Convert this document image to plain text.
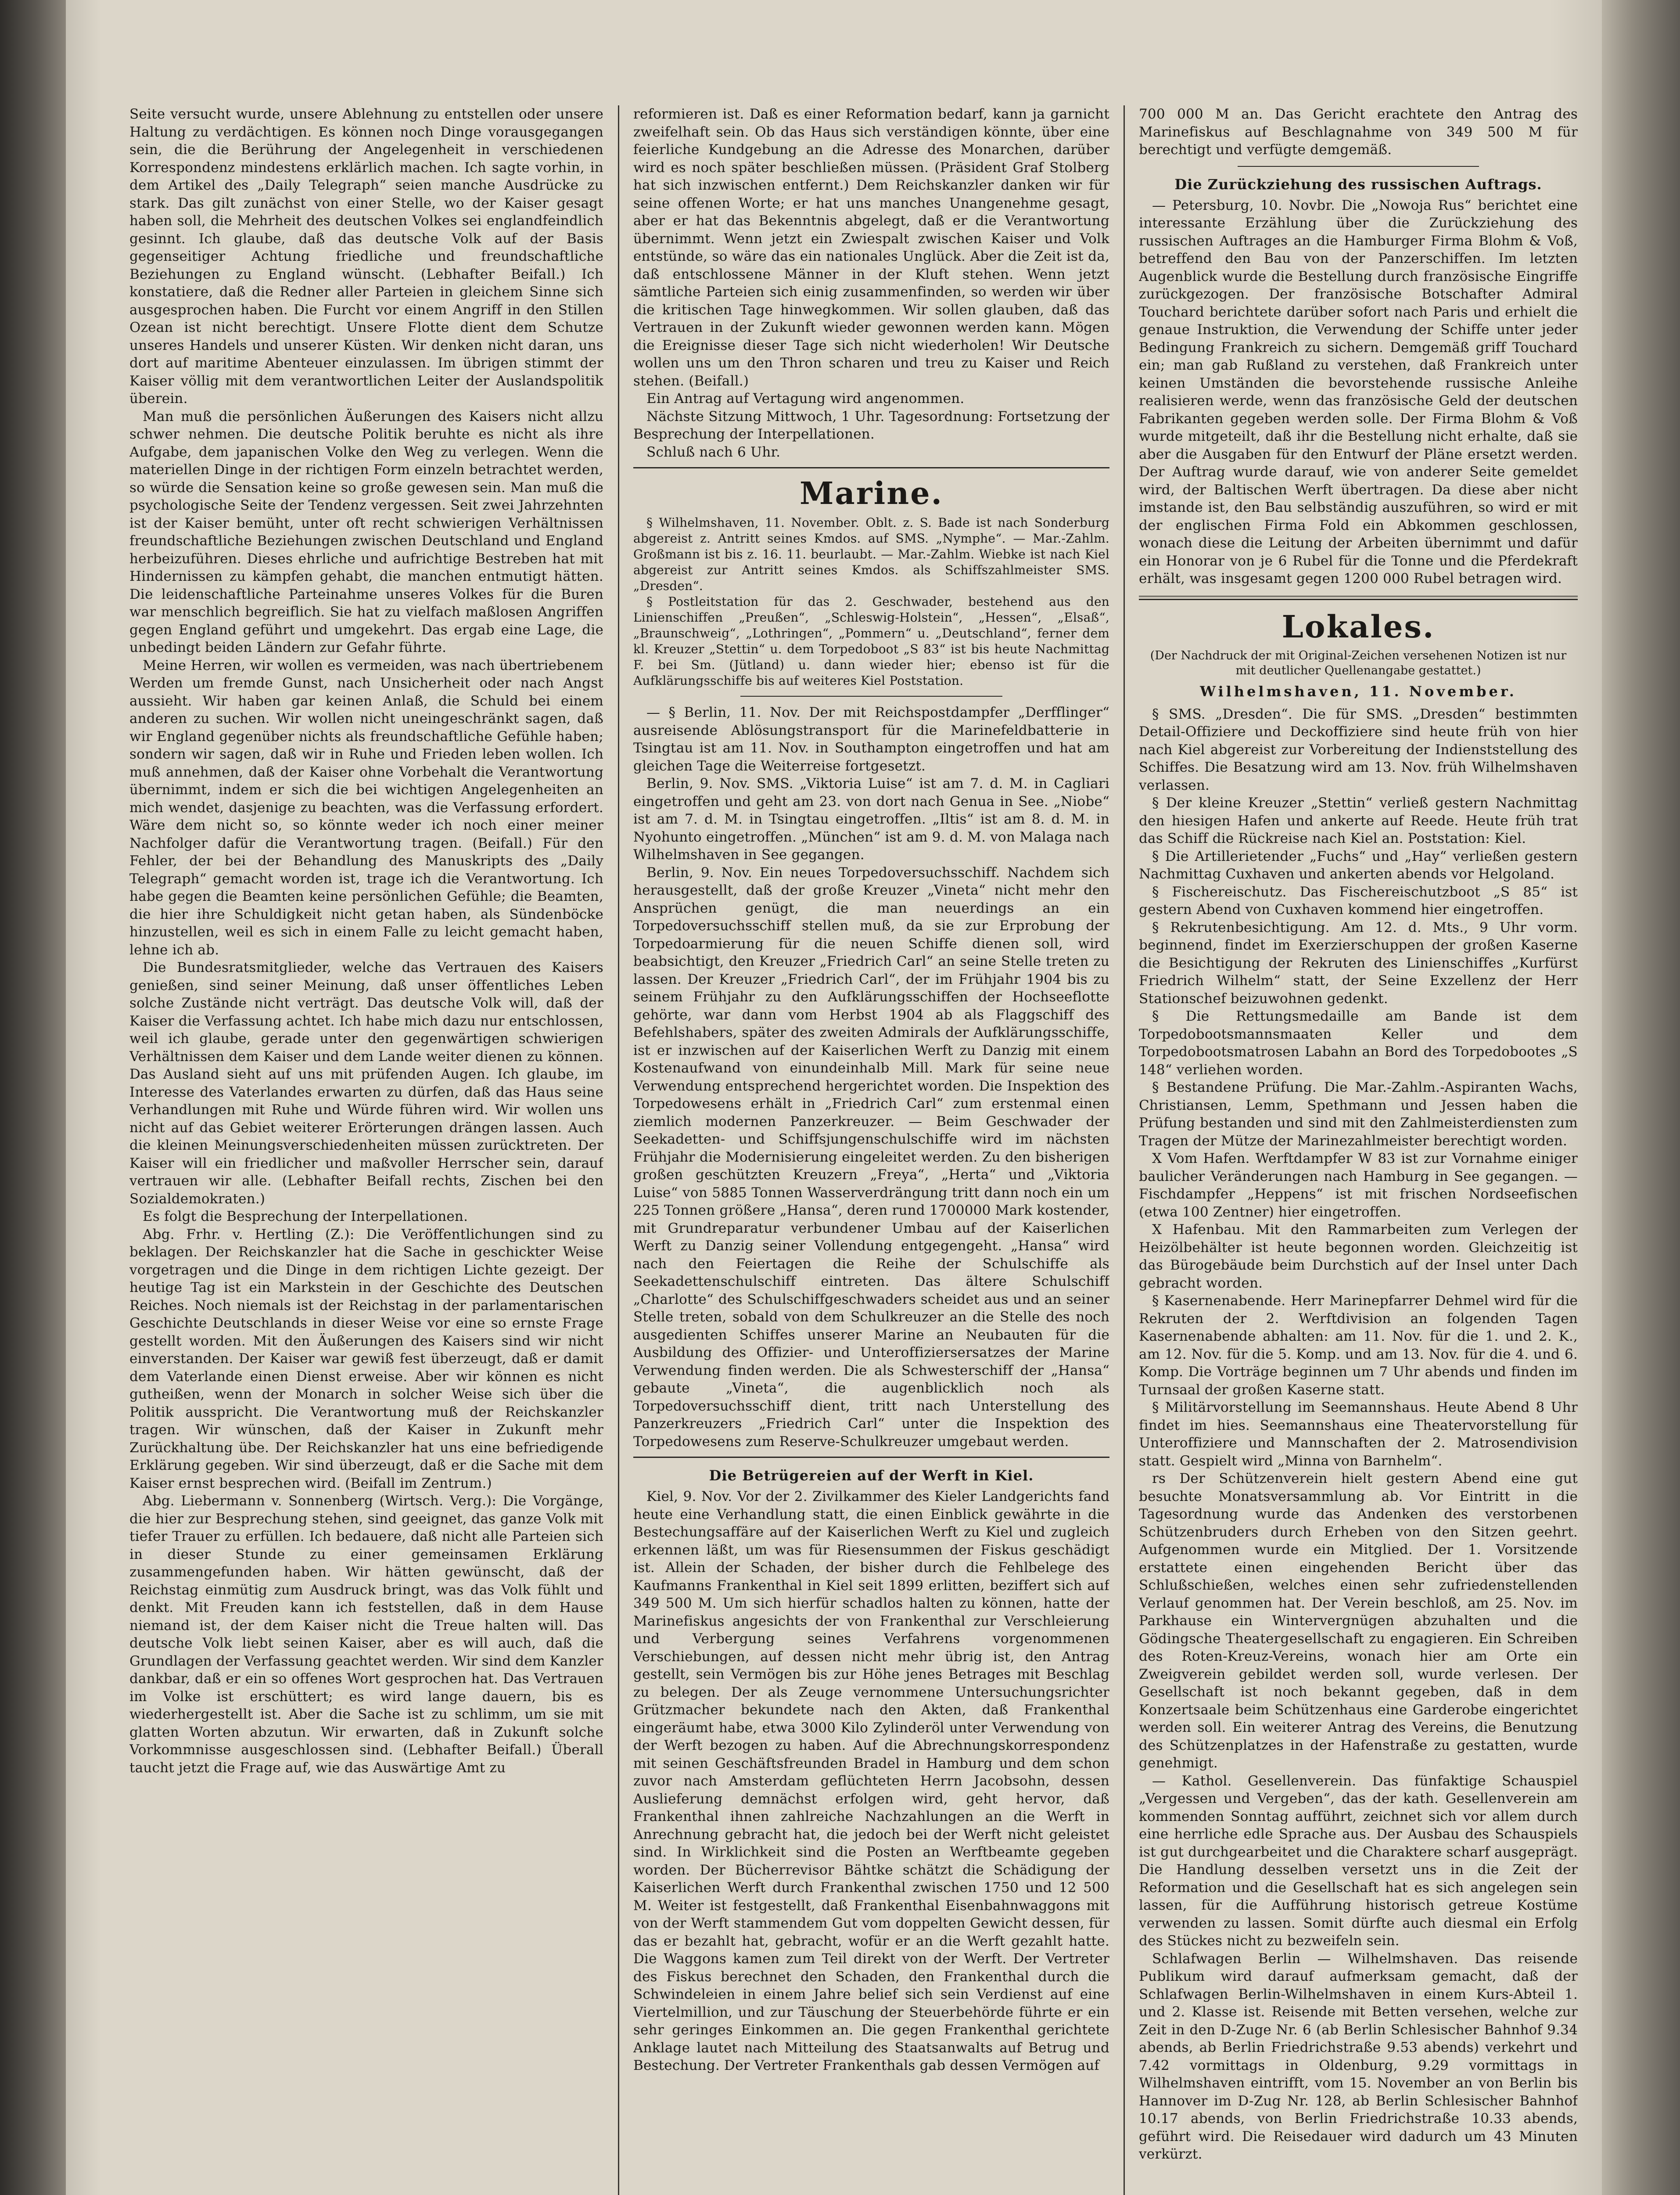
Seite versucht wurde, unsere Ablehnung zu entstellen oder unsere Haltung zu verdächtigen. Es können noch Dinge vorausgegangen sein, die die Berührung der Angelegenheit in verschiedenen Korrespondenz mindestens erklärlich machen. Ich sagte vorhin, in dem Artikel des „Daily Telegraph“ seien manche Ausdrücke zu stark. Das gilt zunächst von einer Stelle, wo der Kaiser gesagt haben soll, die Mehrheit des deutschen Volkes sei englandfeindlich gesinnt. Ich glaube, daß das deutsche Volk auf der Basis gegenseitiger Achtung friedliche und freundschaftliche Beziehungen zu England wünscht. (Lebhafter Beifall.) Ich konstatiere, daß die Redner aller Parteien in gleichem Sinne sich ausgesprochen haben. Die Furcht vor einem Angriff in den Stillen Ozean ist nicht berechtigt. Unsere Flotte dient dem Schutze unseres Handels und unserer Küsten. Wir denken nicht daran, uns dort auf maritime Abenteuer einzulassen. Im übrigen stimmt der Kaiser völlig mit dem verantwortlichen Leiter der Auslandspolitik überein.

Man muß die persönlichen Äußerungen des Kaisers nicht allzu schwer nehmen. Die deutsche Politik beruhte es nicht als ihre Aufgabe, dem japanischen Volke den Weg zu verlegen. Wenn die materiellen Dinge in der richtigen Form einzeln betrachtet werden, so würde die Sensation keine so große gewesen sein. Man muß die psychologische Seite der Tendenz vergessen. Seit zwei Jahrzehnten ist der Kaiser bemüht, unter oft recht schwierigen Verhältnissen freundschaftliche Beziehungen zwischen Deutschland und England herbeizuführen. Dieses ehrliche und aufrichtige Bestreben hat mit Hindernissen zu kämpfen gehabt, die manchen entmutigt hätten. Die leidenschaftliche Parteinahme unseres Volkes für die Buren war menschlich begreiflich. Sie hat zu vielfach maßlosen Angriffen gegen England geführt und umgekehrt. Das ergab eine Lage, die unbedingt beiden Ländern zur Gefahr führte.

Meine Herren, wir wollen es vermeiden, was nach übertriebenem Werden um fremde Gunst, nach Unsicherheit oder nach Angst aussieht. Wir haben gar keinen Anlaß, die Schuld bei einem anderen zu suchen. Wir wollen nicht uneingeschränkt sagen, daß wir England gegenüber nichts als freundschaftliche Gefühle haben; sondern wir sagen, daß wir in Ruhe und Frieden leben wollen. Ich muß annehmen, daß der Kaiser ohne Vorbehalt die Verantwortung übernimmt, indem er sich die bei wichtigen Angelegenheiten an mich wendet, dasjenige zu beachten, was die Verfassung erfordert. Wäre dem nicht so, so könnte weder ich noch einer meiner Nachfolger dafür die Verantwortung tragen. (Beifall.) Für den Fehler, der bei der Behandlung des Manuskripts des „Daily Telegraph“ gemacht worden ist, trage ich die Verantwortung. Ich habe gegen die Beamten keine persönlichen Gefühle; die Beamten, die hier ihre Schuldigkeit nicht getan haben, als Sündenböcke hinzustellen, weil es sich in einem Falle zu leicht gemacht haben, lehne ich ab.

Die Bundesratsmitglieder, welche das Vertrauen des Kaisers genießen, sind seiner Meinung, daß unser öffentliches Leben solche Zustände nicht verträgt. Das deutsche Volk will, daß der Kaiser die Verfassung achtet. Ich habe mich dazu nur entschlossen, weil ich glaube, gerade unter den gegenwärtigen schwierigen Verhältnissen dem Kaiser und dem Lande weiter dienen zu können. Das Ausland sieht auf uns mit prüfenden Augen. Ich glaube, im Interesse des Vaterlandes erwarten zu dürfen, daß das Haus seine Verhandlungen mit Ruhe und Würde führen wird. Wir wollen uns nicht auf das Gebiet weiterer Erörterungen drängen lassen. Auch die kleinen Meinungsverschiedenheiten müssen zurücktreten. Der Kaiser will ein friedlicher und maßvoller Herrscher sein, darauf vertrauen wir alle. (Lebhafter Beifall rechts, Zischen bei den Sozialdemokraten.)

Es folgt die Besprechung der Interpellationen.

Abg. Frhr. v. Hertling (Z.): Die Veröffentlichungen sind zu beklagen. Der Reichskanzler hat die Sache in geschickter Weise vorgetragen und die Dinge in dem richtigen Lichte gezeigt. Der heutige Tag ist ein Markstein in der Geschichte des Deutschen Reiches. Noch niemals ist der Reichstag in der parlamentarischen Geschichte Deutschlands in dieser Weise vor eine so ernste Frage gestellt worden. Mit den Äußerungen des Kaisers sind wir nicht einverstanden. Der Kaiser war gewiß fest überzeugt, daß er damit dem Vaterlande einen Dienst erweise. Aber wir können es nicht gutheißen, wenn der Monarch in solcher Weise sich über die Politik ausspricht. Die Verantwortung muß der Reichskanzler tragen. Wir wünschen, daß der Kaiser in Zukunft mehr Zurückhaltung übe. Der Reichskanzler hat uns eine befriedigende Erklärung gegeben. Wir sind überzeugt, daß er die Sache mit dem Kaiser ernst besprechen wird. (Beifall im Zentrum.)

Abg. Liebermann v. Sonnenberg (Wirtsch. Verg.): Die Vorgänge, die hier zur Besprechung stehen, sind geeignet, das ganze Volk mit tiefer Trauer zu erfüllen. Ich bedauere, daß nicht alle Parteien sich in dieser Stunde zu einer gemeinsamen Erklärung zusammengefunden haben. Wir hätten gewünscht, daß der Reichstag einmütig zum Ausdruck bringt, was das Volk fühlt und denkt. Mit Freuden kann ich feststellen, daß in dem Hause niemand ist, der dem Kaiser nicht die Treue halten will. Das deutsche Volk liebt seinen Kaiser, aber es will auch, daß die Grundlagen der Verfassung geachtet werden. Wir sind dem Kanzler dankbar, daß er ein so offenes Wort gesprochen hat. Das Vertrauen im Volke ist erschüttert; es wird lange dauern, bis es wiederhergestellt ist. Aber die Sache ist zu schlimm, um sie mit glatten Worten abzutun. Wir erwarten, daß in Zukunft solche Vorkommnisse ausgeschlossen sind. (Lebhafter Beifall.) Überall taucht jetzt die Frage auf, wie das Auswärtige Amt zu

reformieren ist. Daß es einer Reformation bedarf, kann ja garnicht zweifelhaft sein. Ob das Haus sich verständigen könnte, über eine feierliche Kundgebung an die Adresse des Monarchen, darüber wird es noch später beschließen müssen. (Präsident Graf Stolberg hat sich inzwischen entfernt.) Dem Reichskanzler danken wir für seine offenen Worte; er hat uns manches Unangenehme gesagt, aber er hat das Bekenntnis abgelegt, daß er die Verantwortung übernimmt. Wenn jetzt ein Zwiespalt zwischen Kaiser und Volk entstünde, so wäre das ein nationales Unglück. Aber die Zeit ist da, daß entschlossene Männer in der Kluft stehen. Wenn jetzt sämtliche Parteien sich einig zusammenfinden, so werden wir über die kritischen Tage hinwegkommen. Wir sollen glauben, daß das Vertrauen in der Zukunft wieder gewonnen werden kann. Mögen die Ereignisse dieser Tage sich nicht wiederholen! Wir Deutsche wollen uns um den Thron scharen und treu zu Kaiser und Reich stehen. (Beifall.)

Ein Antrag auf Vertagung wird angenommen.

Nächste Sitzung Mittwoch, 1 Uhr. Tagesordnung: Fortsetzung der Besprechung der Interpellationen.

Schluß nach 6 Uhr.

Marine.

§ Wilhelmshaven, 11. November. Oblt. z. S. Bade ist nach Sonderburg abgereist z. Antritt seines Kmdos. auf SMS. „Nymphe“. — Mar.-Zahlm. Großmann ist bis z. 16. 11. beurlaubt. — Mar.-Zahlm. Wiebke ist nach Kiel abgereist zur Antritt seines Kmdos. als Schiffszahlmeister SMS. „Dresden“.

§ Postleitstation für das 2. Geschwader, bestehend aus den Linienschiffen „Preußen“, „Schleswig-Holstein“, „Hessen“, „Elsaß“, „Braunschweig“, „Lothringen“, „Pommern“ u. „Deutschland“, ferner dem kl. Kreuzer „Stettin“ u. dem Torpedoboot „S 83“ ist bis heute Nachmittag F. bei Sm. (Jütland) u. dann wieder hier; ebenso ist für die Aufklärungsschiffe bis auf weiteres Kiel Poststation.

— § Berlin, 11. Nov. Der mit Reichspostdampfer „Derfflinger“ ausreisende Ablösungstransport für die Marinefeldbatterie in Tsingtau ist am 11. Nov. in Southampton eingetroffen und hat am gleichen Tage die Weiterreise fortgesetzt.

Berlin, 9. Nov. SMS. „Viktoria Luise“ ist am 7. d. M. in Cagliari eingetroffen und geht am 23. von dort nach Genua in See. „Niobe“ ist am 7. d. M. in Tsingtau eingetroffen. „Iltis“ ist am 8. d. M. in Nyohunto eingetroffen. „München“ ist am 9. d. M. von Malaga nach Wilhelmshaven in See gegangen.

Berlin, 9. Nov. Ein neues Torpedoversuchsschiff. Nachdem sich herausgestellt, daß der große Kreuzer „Vineta“ nicht mehr den Ansprüchen genügt, die man neuerdings an ein Torpedoversuchsschiff stellen muß, da sie zur Erprobung der Torpedoarmierung für die neuen Schiffe dienen soll, wird beabsichtigt, den Kreuzer „Friedrich Carl“ an seine Stelle treten zu lassen. Der Kreuzer „Friedrich Carl“, der im Frühjahr 1904 bis zu seinem Frühjahr zu den Aufklärungsschiffen der Hochseeflotte gehörte, war dann vom Herbst 1904 ab als Flaggschiff des Befehlshabers, später des zweiten Admirals der Aufklärungsschiffe, ist er inzwischen auf der Kaiserlichen Werft zu Danzig mit einem Kostenaufwand von einundeinhalb Mill. Mark für seine neue Verwendung entsprechend hergerichtet worden. Die Inspektion des Torpedowesens erhält in „Friedrich Carl“ zum erstenmal einen ziemlich modernen Panzerkreuzer. — Beim Geschwader der Seekadetten- und Schiffsjungenschulschiffe wird im nächsten Frühjahr die Modernisierung eingeleitet werden. Zu den bisherigen großen geschützten Kreuzern „Freya“, „Herta“ und „Viktoria Luise“ von 5885 Tonnen Wasserverdrängung tritt dann noch ein um 225 Tonnen größere „Hansa“, deren rund 1700000 Mark kostender, mit Grundreparatur verbundener Umbau auf der Kaiserlichen Werft zu Danzig seiner Vollendung entgegengeht. „Hansa“ wird nach den Feiertagen die Reihe der Schulschiffe als Seekadettenschulschiff eintreten. Das ältere Schulschiff „Charlotte“ des Schulschiffgeschwaders scheidet aus und an seiner Stelle treten, sobald von dem Schulkreuzer an die Stelle des noch ausgedienten Schiffes unserer Marine an Neubauten für die Ausbildung des Offizier- und Unteroffiziersersatzes der Marine Verwendung finden werden. Die als Schwesterschiff der „Hansa“ gebaute „Vineta“, die augenblicklich noch als Torpedoversuchsschiff dient, tritt nach Unterstellung des Panzerkreuzers „Friedrich Carl“ unter die Inspektion des Torpedowesens zum Reserve-Schulkreuzer umgebaut werden.

Die Betrügereien auf der Werft in Kiel.

Kiel, 9. Nov. Vor der 2. Zivilkammer des Kieler Landgerichts fand heute eine Verhandlung statt, die einen Einblick gewährte in die Bestechungsaffäre auf der Kaiserlichen Werft zu Kiel und zugleich erkennen läßt, um was für Riesensummen der Fiskus geschädigt ist. Allein der Schaden, der bisher durch die Fehlbelege des Kaufmanns Frankenthal in Kiel seit 1899 erlitten, beziffert sich auf 349 500 M. Um sich hierfür schadlos halten zu können, hatte der Marinefiskus angesichts der von Frankenthal zur Verschleierung und Verbergung seines Verfahrens vorgenommenen Verschiebungen, auf dessen nicht mehr übrig ist, den Antrag gestellt, sein Vermögen bis zur Höhe jenes Betrages mit Beschlag zu belegen. Der als Zeuge vernommene Untersuchungsrichter Grützmacher bekundete nach den Akten, daß Frankenthal eingeräumt habe, etwa 3000 Kilo Zylinderöl unter Verwendung von der Werft bezogen zu haben. Auf die Abrechnungskorrespondenz mit seinen Geschäftsfreunden Bradel in Hamburg und dem schon zuvor nach Amsterdam geflüchteten Herrn Jacobsohn, dessen Auslieferung demnächst erfolgen wird, geht hervor, daß Frankenthal ihnen zahlreiche Nachzahlungen an die Werft in Anrechnung gebracht hat, die jedoch bei der Werft nicht geleistet sind. In Wirklichkeit sind die Posten an Werftbeamte gegeben worden. Der Bücherrevisor Bähtke schätzt die Schädigung der Kaiserlichen Werft durch Frankenthal zwischen 1750 und 12 500 M. Weiter ist festgestellt, daß Frankenthal Eisenbahnwaggons mit von der Werft stammendem Gut vom doppelten Gewicht dessen, für das er bezahlt hat, gebracht, wofür er an die Werft gezahlt hatte. Die Waggons kamen zum Teil direkt von der Werft. Der Vertreter des Fiskus berechnet den Schaden, den Frankenthal durch die Schwindeleien in einem Jahre belief sich sein Verdienst auf eine Viertelmillion, und zur Täuschung der Steuerbehörde führte er ein sehr geringes Einkommen an. Die gegen Frankenthal gerichtete Anklage lautet nach Mitteilung des Staatsanwalts auf Betrug und Bestechung. Der Vertreter Frankenthals gab dessen Vermögen auf

700 000 M an. Das Gericht erachtete den Antrag des Marinefiskus auf Beschlagnahme von 349 500 M für berechtigt und verfügte demgemäß.

Die Zurückziehung des russischen Auftrags.

— Petersburg, 10. Novbr. Die „Nowoja Rus“ berichtet eine interessante Erzählung über die Zurückziehung des russischen Auftrages an die Hamburger Firma Blohm & Voß, betreffend den Bau von der Panzerschiffen. Im letzten Augenblick wurde die Bestellung durch französische Eingriffe zurückgezogen. Der französische Botschafter Admiral Touchard berichtete darüber sofort nach Paris und erhielt die genaue Instruktion, die Verwendung der Schiffe unter jeder Bedingung Frankreich zu sichern. Demgemäß griff Touchard ein; man gab Rußland zu verstehen, daß Frankreich unter keinen Umständen die bevorstehende russische Anleihe realisieren werde, wenn das französische Geld der deutschen Fabrikanten gegeben werden solle. Der Firma Blohm & Voß wurde mitgeteilt, daß ihr die Bestellung nicht erhalte, daß sie aber die Ausgaben für den Entwurf der Pläne ersetzt werden. Der Auftrag wurde darauf, wie von anderer Seite gemeldet wird, der Baltischen Werft übertragen. Da diese aber nicht imstande ist, den Bau selbständig auszuführen, so wird er mit der englischen Firma Fold ein Abkommen geschlossen, wonach diese die Leitung der Arbeiten übernimmt und dafür ein Honorar von je 6 Rubel für die Tonne und die Pferdekraft erhält, was insgesamt gegen 1200 000 Rubel betragen wird.

Lokales.
(Der Nachdruck der mit Original-Zeichen versehenen Notizen ist nur mit deutlicher Quellenangabe gestattet.)
Wilhelmshaven, 11. November.

§ SMS. „Dresden“. Die für SMS. „Dresden“ bestimmten Detail-Offiziere und Deckoffiziere sind heute früh von hier nach Kiel abgereist zur Vorbereitung der Indienststellung des Schiffes. Die Besatzung wird am 13. Nov. früh Wilhelmshaven verlassen.

§ Der kleine Kreuzer „Stettin“ verließ gestern Nachmittag den hiesigen Hafen und ankerte auf Reede. Heute früh trat das Schiff die Rückreise nach Kiel an. Poststation: Kiel.

§ Die Artillerietender „Fuchs“ und „Hay“ verließen gestern Nachmittag Cuxhaven und ankerten abends vor Helgoland.

§ Fischereischutz. Das Fischereischutzboot „S 85“ ist gestern Abend von Cuxhaven kommend hier eingetroffen.

§ Rekrutenbesichtigung. Am 12. d. Mts., 9 Uhr vorm. beginnend, findet im Exerzierschuppen der großen Kaserne die Besichtigung der Rekruten des Linienschiffes „Kurfürst Friedrich Wilhelm“ statt, der Seine Exzellenz der Herr Stationschef beizuwohnen gedenkt.

§ Die Rettungsmedaille am Bande ist dem Torpedobootsmannsmaaten Keller und dem Torpedobootsmatrosen Labahn an Bord des Torpedobootes „S 148“ verliehen worden.

§ Bestandene Prüfung. Die Mar.-Zahlm.-Aspiranten Wachs, Christiansen, Lemm, Spethmann und Jessen haben die Prüfung bestanden und sind mit den Zahlmeisterdiensten zum Tragen der Mütze der Marinezahlmeister berechtigt worden.

X Vom Hafen. Werftdampfer W 83 ist zur Vornahme einiger baulicher Veränderungen nach Hamburg in See gegangen. — Fischdampfer „Heppens“ ist mit frischen Nordseefischen (etwa 100 Zentner) hier eingetroffen.

X Hafenbau. Mit den Rammarbeiten zum Verlegen der Heizölbehälter ist heute begonnen worden. Gleichzeitig ist das Bürogebäude beim Durchstich auf der Insel unter Dach gebracht worden.

§ Kasernenabende. Herr Marinepfarrer Dehmel wird für die Rekruten der 2. Werftdivision an folgenden Tagen Kasernenabende abhalten: am 11. Nov. für die 1. und 2. K., am 12. Nov. für die 5. Komp. und am 13. Nov. für die 4. und 6. Komp. Die Vorträge beginnen um 7 Uhr abends und finden im Turnsaal der großen Kaserne statt.

§ Militärvorstellung im Seemannshaus. Heute Abend 8 Uhr findet im hies. Seemannshaus eine Theatervorstellung für Unteroffiziere und Mannschaften der 2. Matrosendivision statt. Gespielt wird „Minna von Barnhelm“.

rs Der Schützenverein hielt gestern Abend eine gut besuchte Monatsversammlung ab. Vor Eintritt in die Tagesordnung wurde das Andenken des verstorbenen Schützenbruders durch Erheben von den Sitzen geehrt. Aufgenommen wurde ein Mitglied. Der 1. Vorsitzende erstattete einen eingehenden Bericht über das Schlußschießen, welches einen sehr zufriedenstellenden Verlauf genommen hat. Der Verein beschloß, am 25. Nov. im Parkhause ein Wintervergnügen abzuhalten und die Gödingsche Theatergesellschaft zu engagieren. Ein Schreiben des Roten-Kreuz-Vereins, wonach hier am Orte ein Zweigverein gebildet werden soll, wurde verlesen. Der Gesellschaft ist noch bekannt gegeben, daß in dem Konzertsaale beim Schützenhaus eine Garderobe eingerichtet werden soll. Ein weiterer Antrag des Vereins, die Benutzung des Schützenplatzes in der Hafenstraße zu gestatten, wurde genehmigt.

— Kathol. Gesellenverein. Das fünfaktige Schauspiel „Vergessen und Vergeben“, das der kath. Gesellenverein am kommenden Sonntag aufführt, zeichnet sich vor allem durch eine herrliche edle Sprache aus. Der Ausbau des Schauspiels ist gut durchgearbeitet und die Charaktere scharf ausgeprägt. Die Handlung desselben versetzt uns in die Zeit der Reformation und die Gesellschaft hat es sich angelegen sein lassen, für die Aufführung historisch getreue Kostüme verwenden zu lassen. Somit dürfte auch diesmal ein Erfolg des Stückes nicht zu bezweifeln sein.

Schlafwagen Berlin — Wilhelmshaven. Das reisende Publikum wird darauf aufmerksam gemacht, daß der Schlafwagen Berlin-Wilhelmshaven in einem Kurs-Abteil 1. und 2. Klasse ist. Reisende mit Betten versehen, welche zur Zeit in den D-Zuge Nr. 6 (ab Berlin Schlesischer Bahnhof 9.34 abends, ab Berlin Friedrichstraße 9.53 abends) verkehrt und 7.42 vormittags in Oldenburg, 9.29 vormittags in Wilhelmshaven eintrifft, vom 15. November an von Berlin bis Hannover im D-Zug Nr. 128, ab Berlin Schlesischer Bahnhof 10.17 abends, von Berlin Friedrichstraße 10.33 abends, geführt wird. Die Reisedauer wird dadurch um 43 Minuten verkürzt.
